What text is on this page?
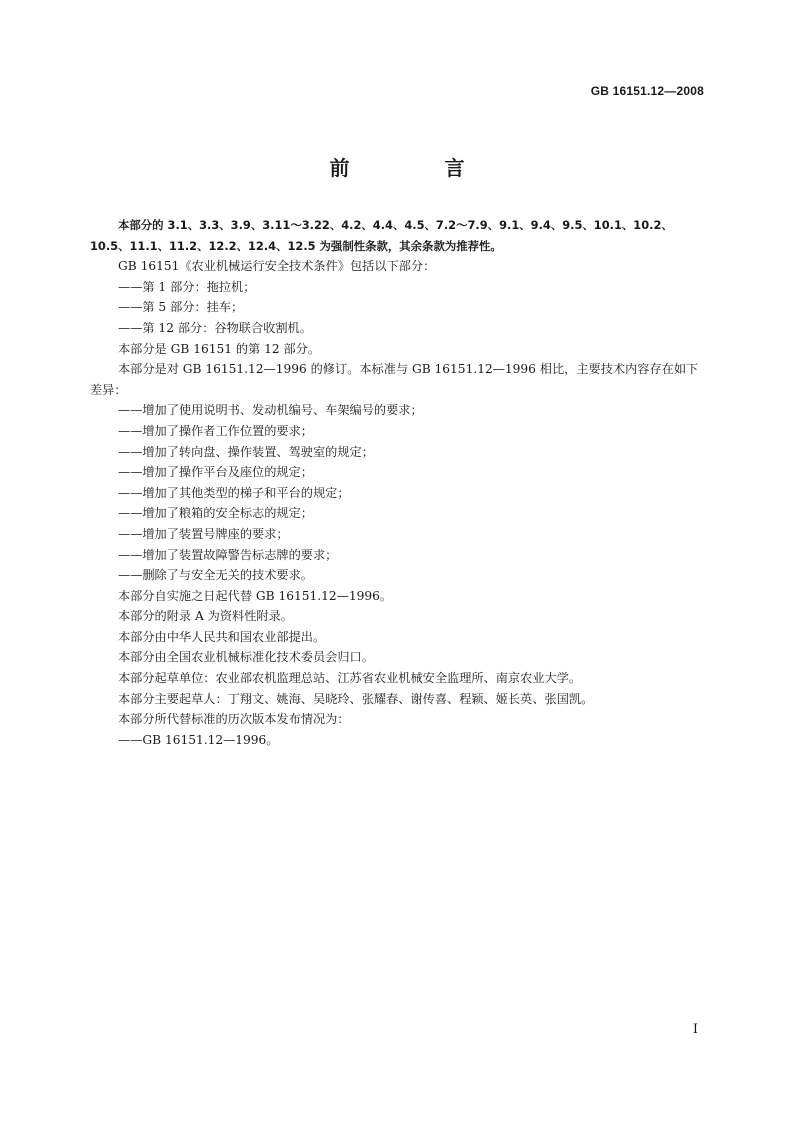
GB 16151.12—2008
前 言

本部分的 3.1、3.3、3.9、3.11～3.22、4.2、4.4、4.5、7.2～7.9、9.1、9.4、9.5、10.1、10.2、10.5、11.1、11.2、12.2、12.4、12.5 为强制性条款，其余条款为推荐性。

GB 16151《农业机械运行安全技术条件》包括以下部分：

——第 1 部分：拖拉机；

——第 5 部分：挂车；

——第 12 部分：谷物联合收割机。

本部分是 GB 16151 的第 12 部分。

本部分是对 GB 16151.12—1996 的修订。本标准与 GB 16151.12—1996 相比，主要技术内容存在如下差异：

——增加了使用说明书、发动机编号、车架编号的要求；

——增加了操作者工作位置的要求；

——增加了转向盘、操作装置、驾驶室的规定；

——增加了操作平台及座位的规定；

——增加了其他类型的梯子和平台的规定；

——增加了粮箱的安全标志的规定；

——增加了装置号牌座的要求；

——增加了装置故障警告标志牌的要求；

——删除了与安全无关的技术要求。

本部分自实施之日起代替 GB 16151.12—1996。

本部分的附录 A 为资料性附录。

本部分由中华人民共和国农业部提出。

本部分由全国农业机械标准化技术委员会归口。

本部分起草单位：农业部农机监理总站、江苏省农业机械安全监理所、南京农业大学。

本部分主要起草人：丁翔文、姚海、吴晓玲、张耀春、谢传喜、程颖、姬长英、张国凯。

本部分所代替标准的历次版本发布情况为：

——GB 16151.12—1996。

I
